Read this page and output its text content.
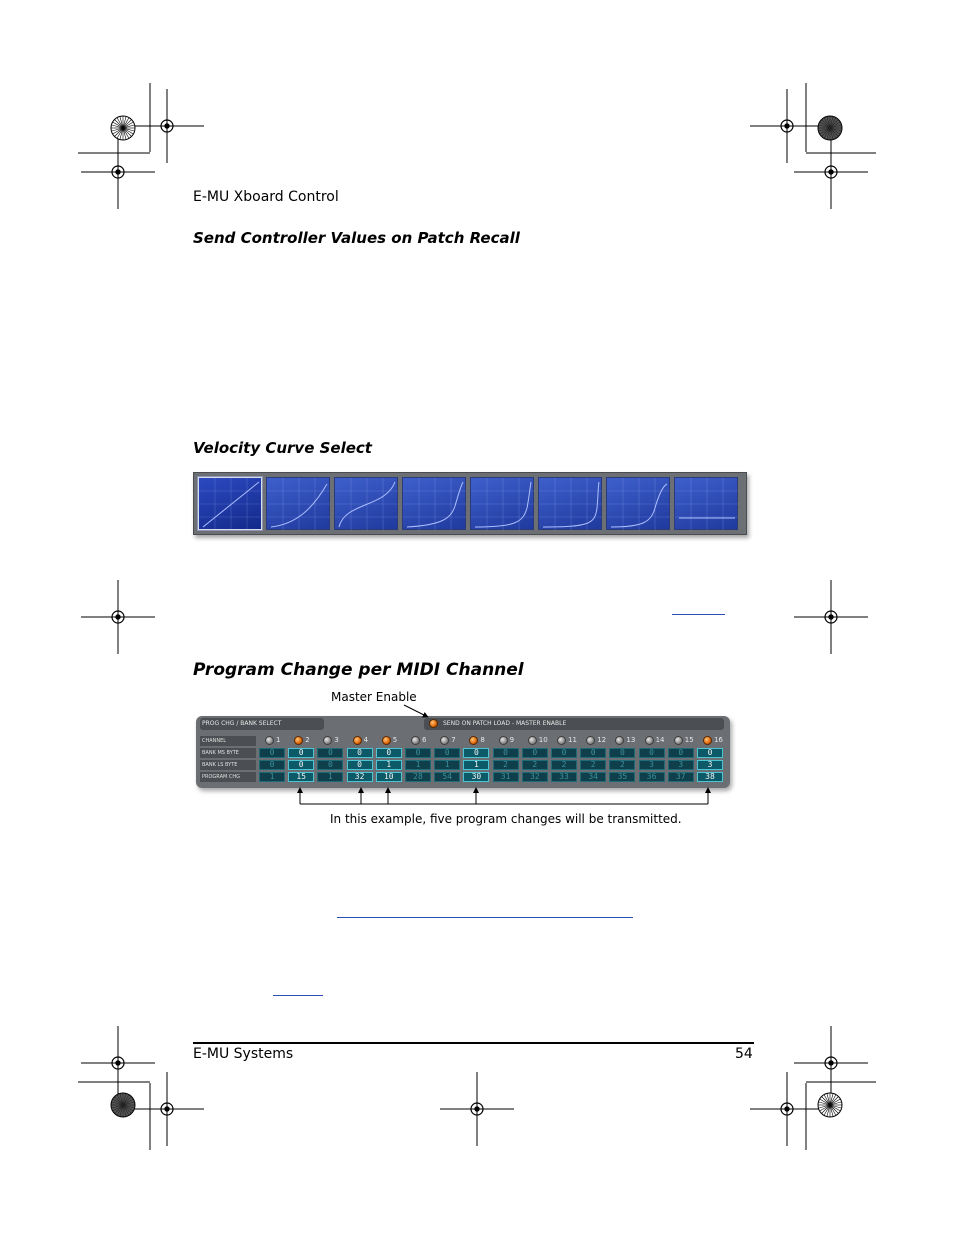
E-MU Xboard Control
Send Controller Values on Patch Recall
Velocity Curve Select
Program Change per MIDI Channel
Master Enable
PROG CHG / BANK SELECT	SEND ON PATCH LOAD - MASTER ENABLE
CHANNEL
BANK MS BYTE
BANK LS BYTE
PROGRAM CHG
1
0
0
1
2
0
0
15
3
0
0
1
4
0
0
32
5
0
1
10
6
0
1
28
7
0
1
54
8
0
1
30
9
0
2
31
10
0
2
32
11
0
2
33
12
0
2
34
13
0
2
35
14
0
3
36
15
0
3
37
16
0
3
38
In this example, five program changes will be transmitted.
E-MU Systems	54
